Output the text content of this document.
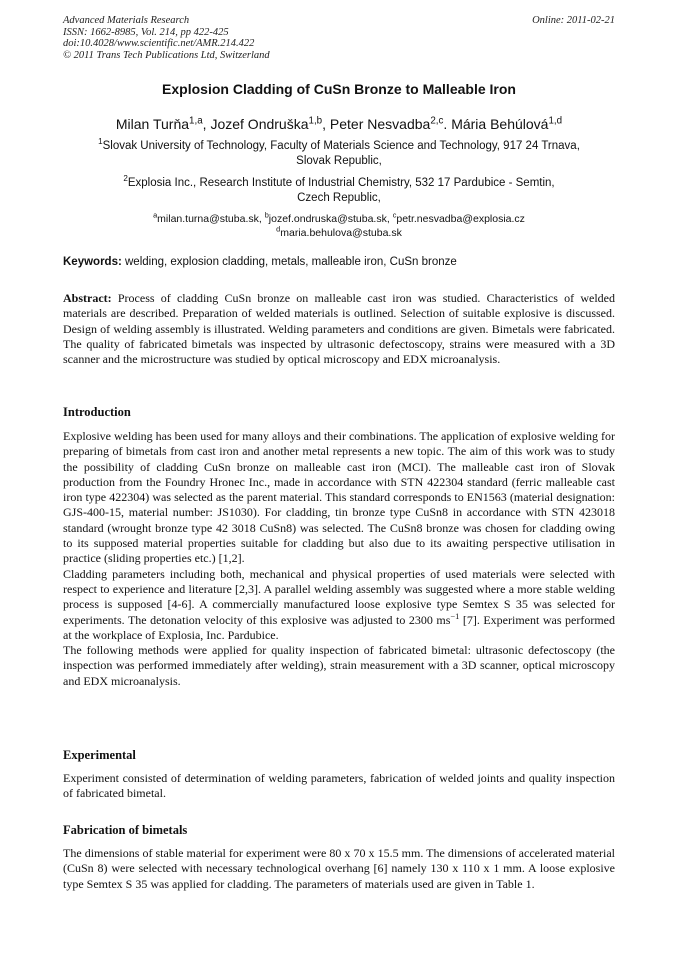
Advanced Materials Research
ISSN: 1662-8985, Vol. 214, pp 422-425
doi:10.4028/www.scientific.net/AMR.214.422
© 2011 Trans Tech Publications Ltd, Switzerland
Online: 2011-02-21
Explosion Cladding of CuSn Bronze to Malleable Iron
Milan Turňa$^{1,a}$, Jozef Ondruška$^{1,b}$, Peter Nesvadba$^{2,c}$. Mária Behúlová$^{1,d}$
$^1$Slovak University of Technology, Faculty of Materials Science and Technology, 917 24 Trnava,
Slovak Republic,
$^2$Explosia Inc., Research Institute of Industrial Chemistry, 532 17 Pardubice - Semtin,
Czech Republic,
$^a$milan.turna@stuba.sk, $^b$jozef.ondruska@stuba.sk, $^c$petr.nesvadba@explosia.cz
$^d$maria.behulova@stuba.sk
Keywords: welding, explosion cladding, metals, malleable iron, CuSn bronze
Abstract: Process of cladding CuSn bronze on malleable cast iron was studied. Characteristics of welded materials are described. Preparation of welded materials is outlined. Selection of suitable explosive is discussed. Design of welding assembly is illustrated. Welding parameters and conditions are given. Bimetals were fabricated. The quality of fabricated bimetals was inspected by ultrasonic defectoscopy, strains were measured with a 3D scanner and the microstructure was studied by optical microscopy and EDX microanalysis.
Introduction
Explosive welding has been used for many alloys and their combinations. The application of explosive welding for preparing of bimetals from cast iron and another metal represents a new topic. The aim of this work was to study the possibility of cladding CuSn bronze on malleable cast iron (MCI). The malleable cast iron of Slovak production from the Foundry Hronec Inc., made in accordance with STN 422304 standard (ferric malleable cast iron type 422304) was selected as the parent material. This standard corresponds to EN1563 (material designation: GJS-400-15, material number: JS1030). For cladding, tin bronze type CuSn8 in accordance with STN 423018 standard (wrought bronze type 42 3018 CuSn8) was selected. The CuSn8 bronze was chosen for cladding owing to its supposed material properties suitable for cladding but also due to its awaiting perspective utilisation in practice (sliding properties etc.) [1,2].
Cladding parameters including both, mechanical and physical properties of used materials were selected with respect to experience and literature [2,3]. A parallel welding assembly was suggested where a more stable welding process is supposed [4-6]. A commercially manufactured loose explosive type Semtex S 35 was selected for experiments. The detonation velocity of this explosive was adjusted to 2300 $ms^{-1}$ [7]. Experiment was performed at the workplace of Explosia, Inc. Pardubice.
The following methods were applied for quality inspection of fabricated bimetal: ultrasonic defectoscopy (the inspection was performed immediately after welding), strain measurement with a 3D scanner, optical microscopy and EDX microanalysis.
Experimental
Experiment consisted of determination of welding parameters, fabrication of welded joints and quality inspection of fabricated bimetal.
Fabrication of bimetals
The dimensions of stable material for experiment were 80 x 70 x 15.5 mm. The dimensions of accelerated material (CuSn 8) were selected with necessary technological overhang [6] namely 130 x 110 x 1 mm. A loose explosive type Semtex S 35 was applied for cladding. The parameters of materials used are given in Table 1.
